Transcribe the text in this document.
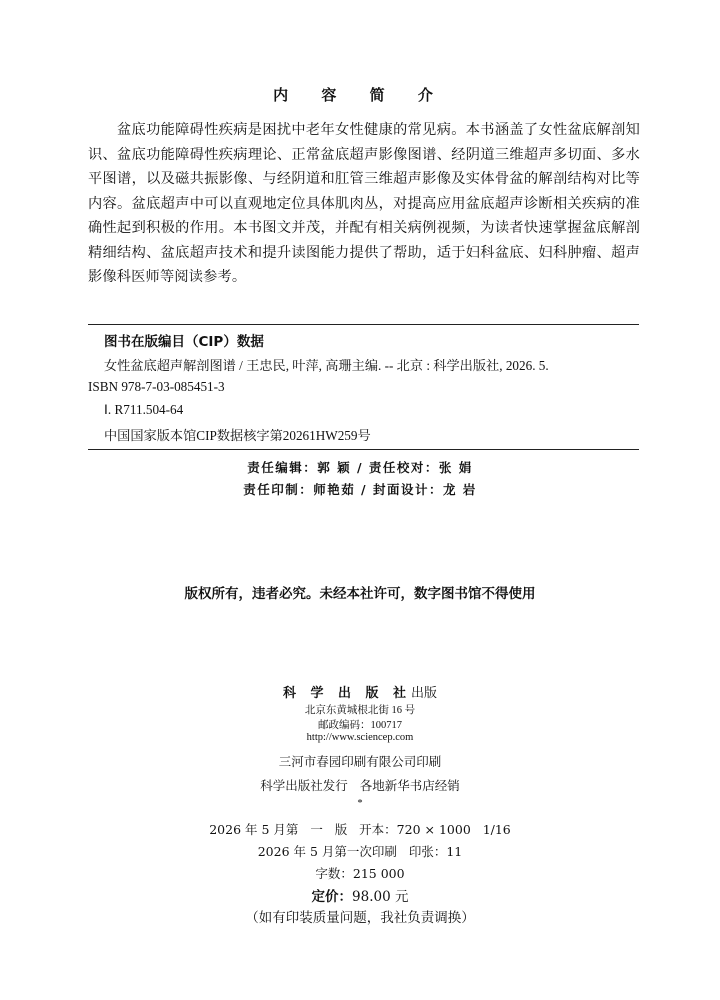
内 容 简 介
盆底功能障碍性疾病是困扰中老年女性健康的常见病。本书涵盖了女性盆底解剖知识、盆底功能障碍性疾病理论、正常盆底超声影像图谱、经阴道三维超声多切面、多水平图谱，以及磁共振影像、与经阴道和肛管三维超声影像及实体骨盆的解剖结构对比等内容。盆底超声中可以直观地定位具体肌肉丛，对提高应用盆底超声诊断相关疾病的准确性起到积极的作用。本书图文并茂，并配有相关病例视频，为读者快速掌握盆底解剖精细结构、盆底超声技术和提升读图能力提供了帮助，适于妇科盆底、妇科肿瘤、超声影像科医师等阅读参考。
图书在版编目（CIP）数据
女性盆底超声解剖图谱 / 王忠民, 叶萍, 高珊主编. -- 北京 : 科学出版社, 2026. 5.
ISBN 978-7-03-085451-3
Ⅰ. R711.504-64
中国国家版本馆CIP数据核字第20261HW259号
责任编辑：郭 颖 / 责任校对：张 娟
责任印制：师艳茹 / 封面设计：龙 岩
版权所有，违者必究。未经本社许可，数字图书馆不得使用
科 学 出 版 社出版
北京东黄城根北街 16 号
邮政编码：100717
http://www.sciencep.com
三河市春园印刷有限公司印刷
科学出版社发行   各地新华书店经销
*
2026 年 5 月第   一   版   开本：720 × 1000   1/16
2026 年 5 月第一次印刷   印张：11
字数：215 000
定价：98.00 元
（如有印装质量问题，我社负责调换）
